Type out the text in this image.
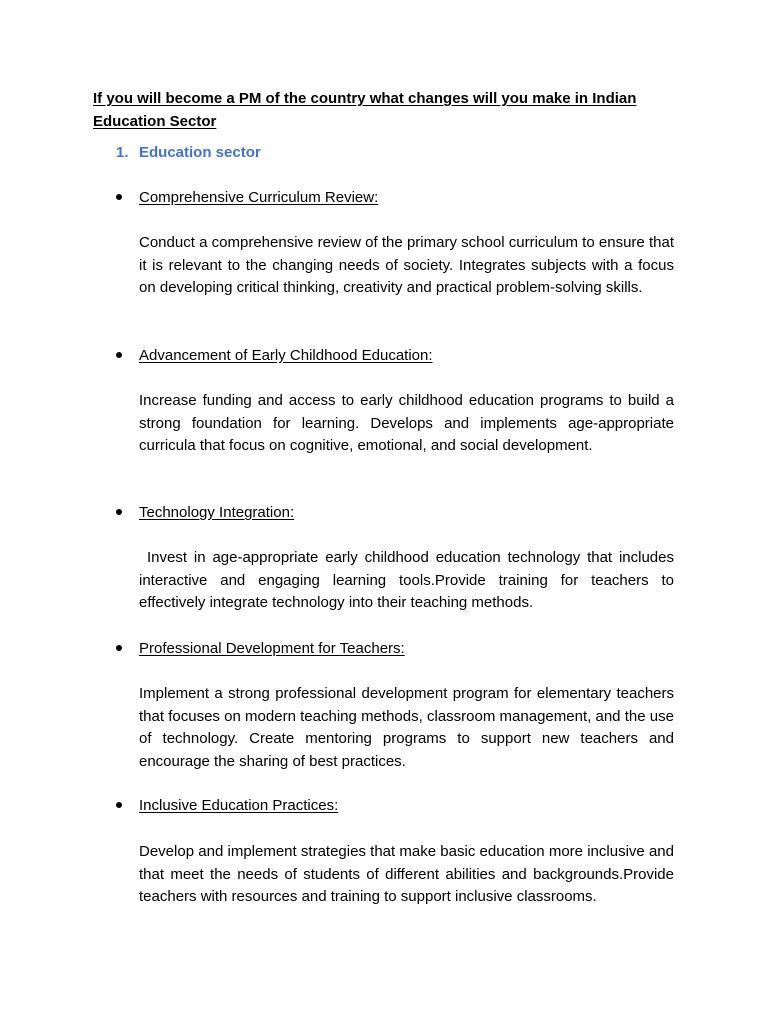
If you will become a PM of the country what changes will you make in Indian Education Sector
1. Education sector
Comprehensive Curriculum Review:
Conduct a comprehensive review of the primary school curriculum to ensure that it is relevant to the changing needs of society. Integrates subjects with a focus on developing critical thinking, creativity and practical problem-solving skills.
Advancement of Early Childhood Education:
Increase funding and access to early childhood education programs to build a strong foundation for learning. Develops and implements age-appropriate curricula that focus on cognitive, emotional, and social development.
Technology Integration:
Invest in age-appropriate early childhood education technology that includes interactive and engaging learning tools.Provide training for teachers to effectively integrate technology into their teaching methods.
Professional Development for Teachers:
Implement a strong professional development program for elementary teachers that focuses on modern teaching methods, classroom management, and the use of technology. Create mentoring programs to support new teachers and encourage the sharing of best practices.
Inclusive Education Practices:
Develop and implement strategies that make basic education more inclusive and that meet the needs of students of different abilities and backgrounds.Provide teachers with resources and training to support inclusive classrooms.
